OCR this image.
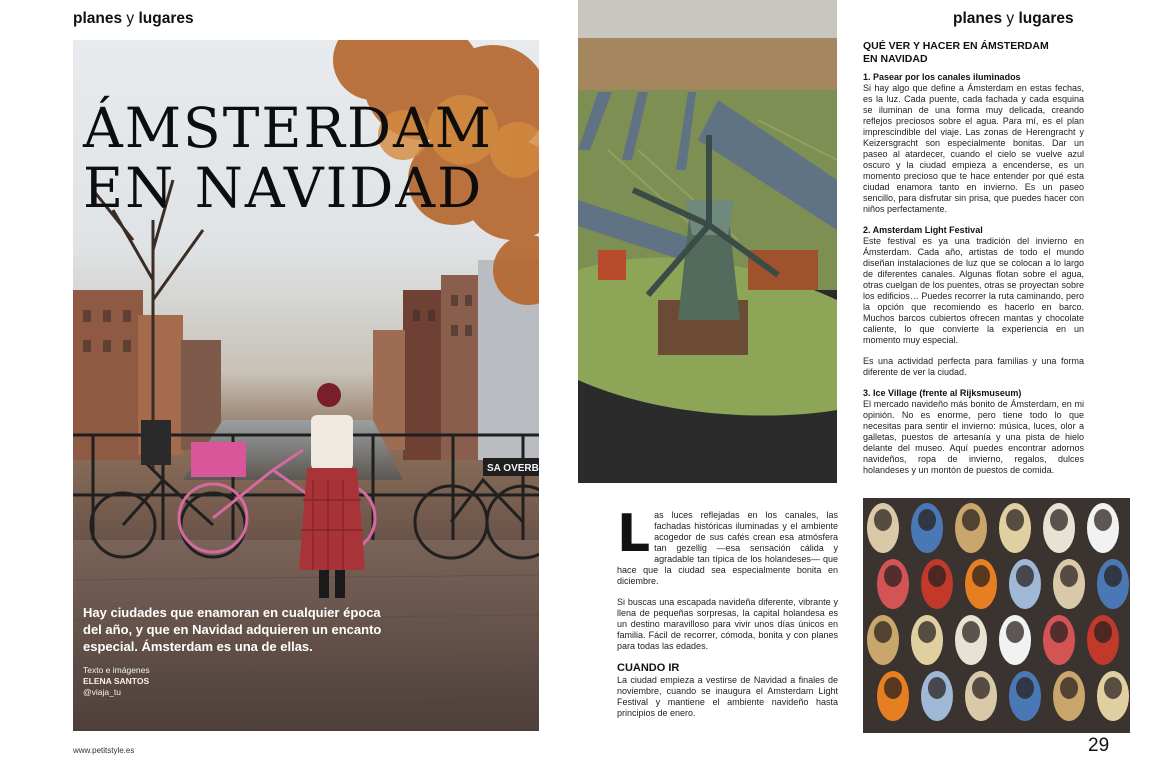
planes y lugares	planes y lugares
SA OVERB
ÁMSTERDAM
EN NAVIDAD

Hay ciudades que enamoran en cualquier época del año, y que en Navidad adquieren un encanto especial. Ámsterdam es una de ellas.

Texto e imágenes
ELENA SANTOS
@viaja_tu
QUÉ VER Y HACER EN ÁMSTERDAM
EN NAVIDAD
1. Pasear por los canales iluminados

Si hay algo que define a Ámsterdam en estas fechas, es la luz. Cada puente, cada fachada y cada esquina se iluminan de una forma muy delicada, creando reflejos preciosos sobre el agua. Para mí, es el plan imprescindible del viaje. Las zonas de Herengracht y Keizersgracht son especialmente bonitas. Dar un paseo al atardecer, cuando el cielo se vuelve azul oscuro y la ciudad empieza a encenderse, es un momento precioso que te hace entender por qué esta ciudad enamora tanto en invierno. Es un paseo sencillo, para disfrutar sin prisa, que puedes hacer con niños perfectamente.

2. Amsterdam Light Festival

Este festival es ya una tradición del invierno en Ámsterdam. Cada año, artistas de todo el mundo diseñan instalaciones de luz que se colocan a lo largo de diferentes canales. Algunas flotan sobre el agua, otras cuelgan de los puentes, otras se proyectan sobre los edificios… Puedes recorrer la ruta caminando, pero la opción que recomiendo es hacerlo en barco. Muchos barcos cubiertos ofrecen mantas y chocolate caliente, lo que convierte la experiencia en un momento muy especial.

Es una actividad perfecta para familias y una forma diferente de ver la ciudad.

3. Ice Village (frente al Rijksmuseum)

El mercado navideño más bonito de Ámsterdam, en mi opinión. No es enorme, pero tiene todo lo que necesitas para sentir el invierno: música, luces, olor a galletas, puestos de artesanía y una pista de hielo delante del museo. Aquí puedes encontrar adornos navideños, ropa de invierno, regalos, dulces holandeses y un montón de puestos de comida.

Las luces reflejadas en los canales, las fachadas históricas iluminadas y el ambiente acogedor de sus cafés crean esa atmósfera tan gezellig —esa sensación cálida y agradable tan típica de los holandeses— que hace que la ciudad sea especialmente bonita en diciembre.

Si buscas una escapada navideña diferente, vibrante y llena de pequeñas sorpresas, la capital holandesa es un destino maravilloso para vivir unos días únicos en familia. Fácil de recorrer, cómoda, bonita y con planes para todas las edades.

CUANDO IR

La ciudad empieza a vestirse de Navidad a finales de noviembre, cuando se inaugura el Amsterdam Light Festival y mantiene el ambiente navideño hasta principios de enero.

www.petitstyle.es	29
